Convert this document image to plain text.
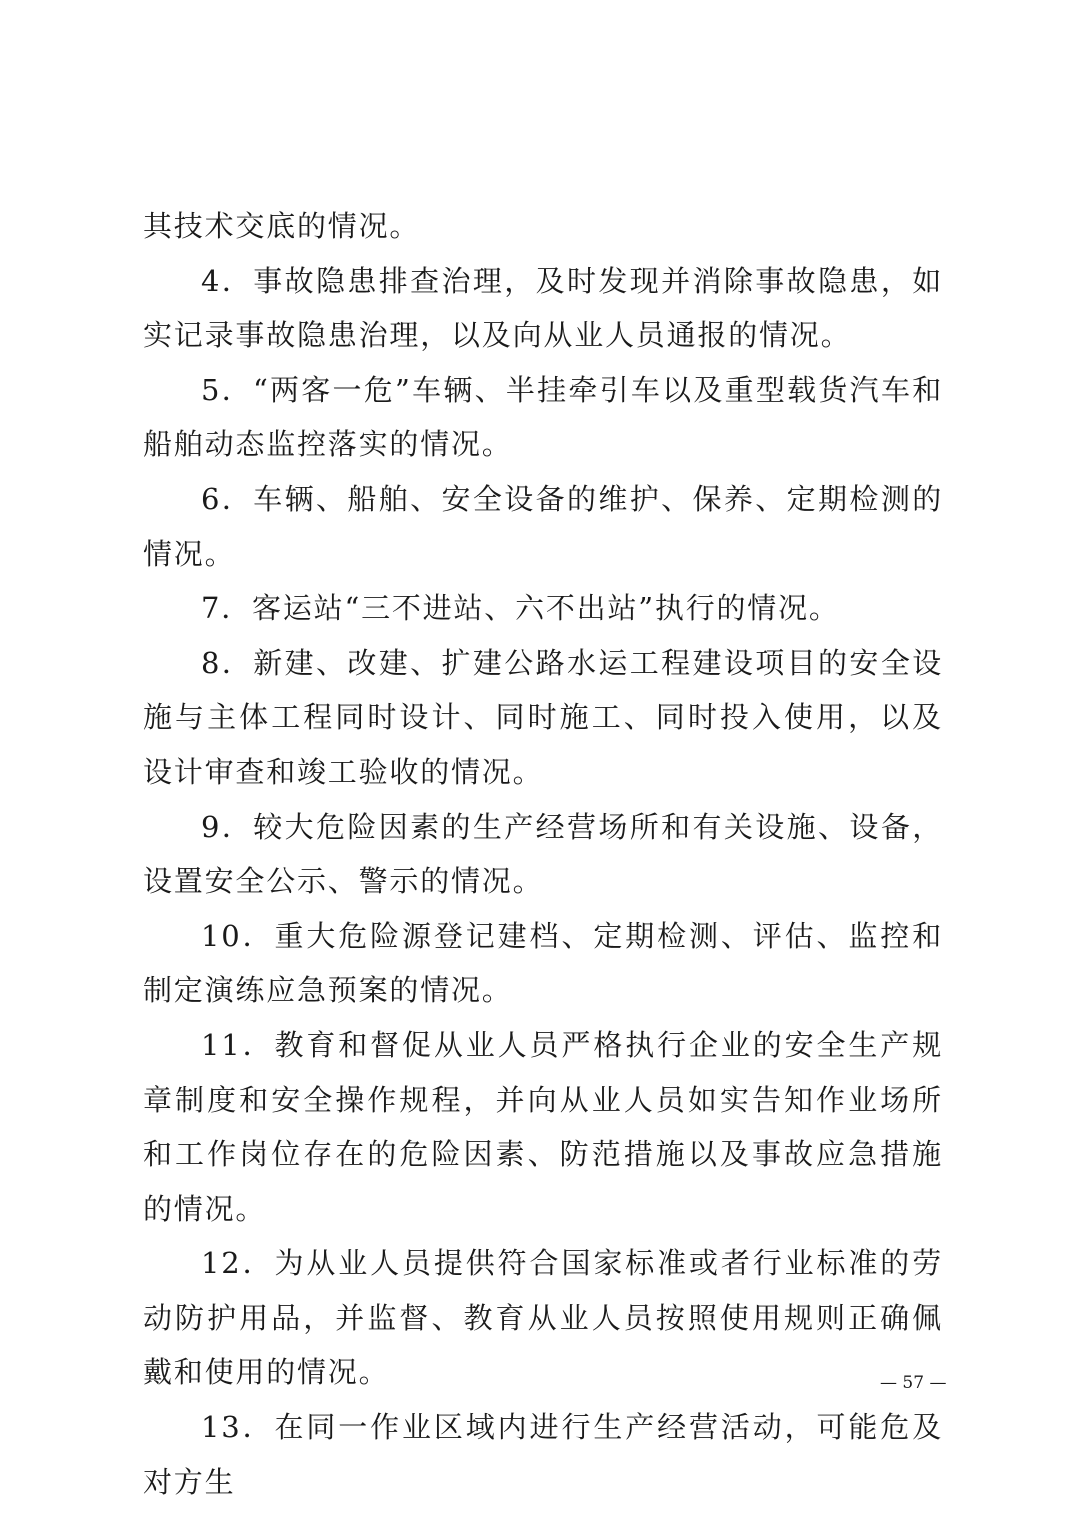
其技术交底的情况。

4．事故隐患排查治理，及时发现并消除事故隐患，如实记录事故隐患治理，以及向从业人员通报的情况。

5．“两客一危”车辆、半挂牵引车以及重型载货汽车和船舶动态监控落实的情况。

6．车辆、船舶、安全设备的维护、保养、定期检测的情况。

7．客运站“三不进站、六不出站”执行的情况。

8．新建、改建、扩建公路水运工程建设项目的安全设施与主体工程同时设计、同时施工、同时投入使用，以及设计审查和竣工验收的情况。

9．较大危险因素的生产经营场所和有关设施、设备，设置安全公示、警示的情况。

10．重大危险源登记建档、定期检测、评估、监控和制定演练应急预案的情况。

11．教育和督促从业人员严格执行企业的安全生产规章制度和安全操作规程，并向从业人员如实告知作业场所和工作岗位存在的危险因素、防范措施以及事故应急措施的情况。

12．为从业人员提供符合国家标准或者行业标准的劳动防护用品，并监督、教育从业人员按照使用规则正确佩戴和使用的情况。

13．在同一作业区域内进行生产经营活动，可能危及对方生

— 57 —
